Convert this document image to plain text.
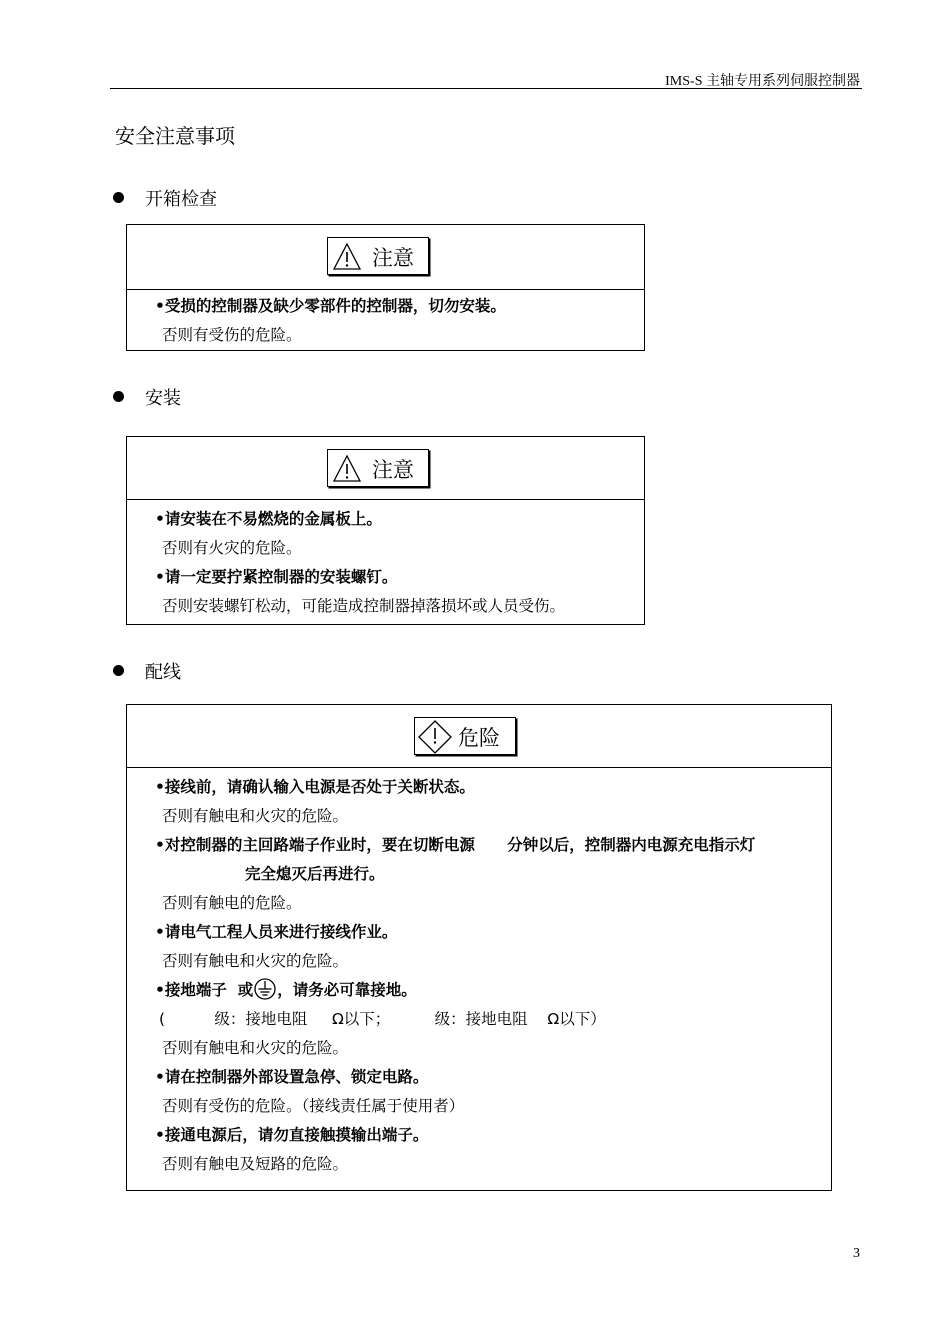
IMS-S 主轴专用系列伺服控制器
安全注意事项
开箱检查
注意
•受损的控制器及缺少零部件的控制器，切勿安装。
否则有受伤的危险。
安装
注意
•请安装在不易燃烧的金属板上。
否则有火灾的危险。
•请一定要拧紧控制器的安装螺钉。
否则安装螺钉松动，可能造成控制器掉落损坏或人员受伤。
配线
危险
•接线前，请确认输入电源是否处于关断状态。
否则有触电和火灾的危险。
•对控制器的主回路端子作业时，要在切断电源      分钟以后，控制器内电源充电指示灯
完全熄灭后再进行。
否则有触电的危险。
•请电气工程人员来进行接线作业。
否则有触电和火灾的危险。
•接地端子  或 ，请务必可靠接地。
(          级：接地电阻     Ω以下；         级：接地电阻    Ω以下）
否则有触电和火灾的危险。
•请在控制器外部设置急停、锁定电路。
否则有受伤的危险。（接线责任属于使用者）
•接通电源后，请勿直接触摸输出端子。
否则有触电及短路的危险。
3
